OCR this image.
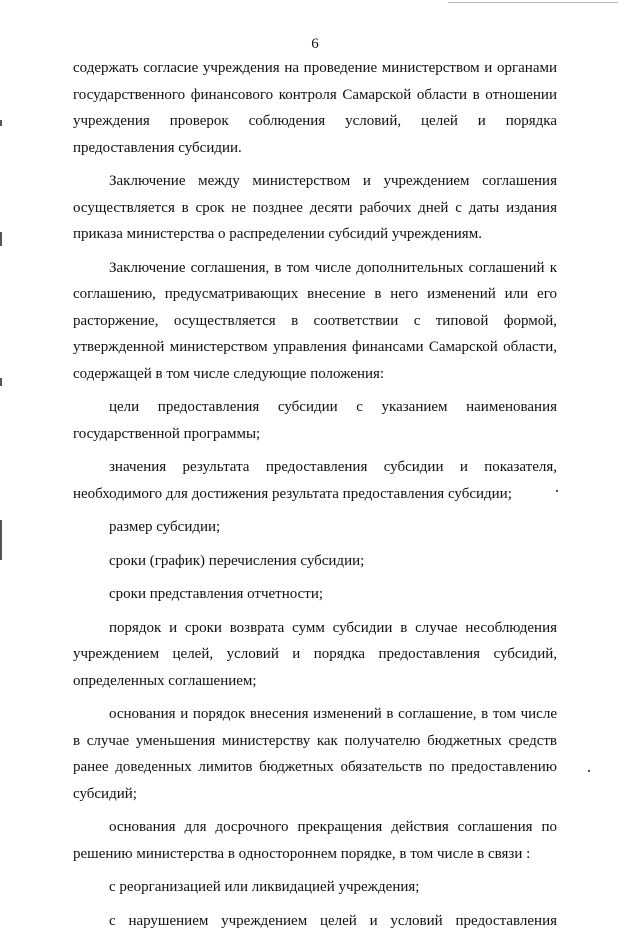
6

содержать согласие учреждения на проведение министерством и органами государственного финансового контроля Самарской области в отношении учреждения проверок соблюдения условий, целей и порядка предоставления субсидии.

Заключение между министерством и учреждением соглашения осуществляется в срок не позднее десяти рабочих дней с даты издания приказа министерства о распределении субсидий учреждениям.

Заключение соглашения, в том числе дополнительных соглашений к соглашению, предусматривающих внесение в него изменений или его расторжение, осуществляется в соответствии с типовой формой, утвержденной министерством управления финансами Самарской области, содержащей в том числе следующие положения:

цели предоставления субсидии с указанием наименования государственной программы;

значения результата предоставления субсидии и показателя, необходимого для достижения результата предоставления субсидии;

размер субсидии;

сроки (график) перечисления субсидии;

сроки представления отчетности;

порядок и сроки возврата сумм субсидии в случае несоблюдения учреждением целей, условий и порядка предоставления субсидий, определенных соглашением;

основания и порядок внесения изменений в соглашение, в том числе в случае уменьшения министерству как получателю бюджетных средств ранее доведенных лимитов бюджетных обязательств по предоставлению субсидий;

основания для досрочного прекращения действия соглашения по решению министерства в одностороннем порядке, в том числе в связи :

с реорганизацией или ликвидацией учреждения;

с нарушением учреждением целей и условий предоставления
